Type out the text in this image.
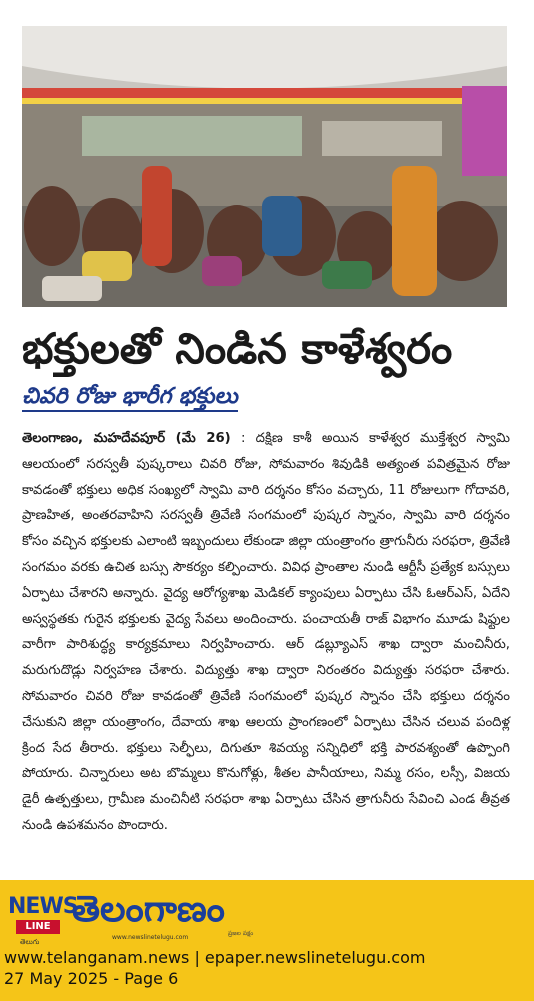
భక్తులతో నిండిన కాళేశ్వరం
చివరి రోజు భారీగ భక్తులు
తెలంగాణం, మహదేవపూర్ (మే 26) : దక్షిణ కాశీ అయిన కాళేశ్వర ముక్తేశ్వర స్వామి ఆలయంలో సరస్వతీ పుష్కరాలు చివరి రోజు, సోమవారం శివుడికి అత్యంత పవిత్రమైన రోజు కావడంతో భక్తులు అధిక సంఖ్యలో స్వామి వారి దర్శనం కోసం వచ్చారు, 11 రోజులుగా గోదావరి, ప్రాణహిత, అంతరవాహిని సరస్వతీ త్రివేణి సంగమంలో పుష్కర స్నానం, స్వామి వారి దర్శనం కోసం వచ్చిన భక్తులకు ఎలాంటి ఇబ్బందులు లేకుండా జిల్లా యంత్రాంగం త్రాగునీరు సరఫరా, త్రివేణి సంగమం వరకు ఉచిత బస్సు సౌకర్యం కల్పించారు. వివిధ ప్రాంతాల నుండి ఆర్టీసీ ప్రత్యేక బస్సులు ఏర్పాటు చేశారని అన్నారు. వైద్య ఆరోగ్యశాఖ మెడికల్ క్యాంపులు ఏర్పాటు చేసి ఓఆర్ఎస్, ఏదేని అస్వస్థతకు గురైన భక్తులకు వైద్య సేవలు అందించారు. పంచాయతీ రాజ్ విభాగం మూడు షిఫ్టుల వారీగా పారిశుద్ధ్య కార్యక్రమాలు నిర్వహించారు. ఆర్ డబ్ల్యూఎస్ శాఖ ద్వారా మంచినీరు, మరుగుదొడ్లు నిర్వహణ చేశారు. విద్యుత్తు శాఖ ద్వారా నిరంతరం విద్యుత్తు సరఫరా చేశారు. సోమవారం చివరి రోజు కావడంతో త్రివేణి సంగమంలో పుష్కర స్నానం చేసి భక్తులు దర్శనం చేసుకుని జిల్లా యంత్రాంగం, దేవాయ శాఖ ఆలయ ప్రాంగణంలో ఏర్పాటు చేసిన చలువ పందిళ్ల క్రింద సేద తీరారు. భక్తులు సెల్ఫీలు, దిగుతూ శివయ్య సన్నిధిలో భక్తి పారవశ్యంతో ఉప్పొంగి పోయారు. చిన్నారులు అట బొమ్మలు కొనుగోళ్లు, శీతల పానీయాలు, నిమ్మ రసం, లస్సీ, విజయ డైరీ ఉత్పత్తులు, గ్రామీణ మంచినీటి సరఫరా శాఖ ఏర్పాటు చేసిన త్రాగునీరు సేవించి ఎండ తీవ్రత నుండి ఉపశమనం పొందారు.
NEWS
LINE
తెలుగు
తెలంగాణం
www.newslinetelugu.com
ప్రజల పక్షం
www.telanganam.news | epaper.newslinetelugu.com
27 May 2025 - Page 6
